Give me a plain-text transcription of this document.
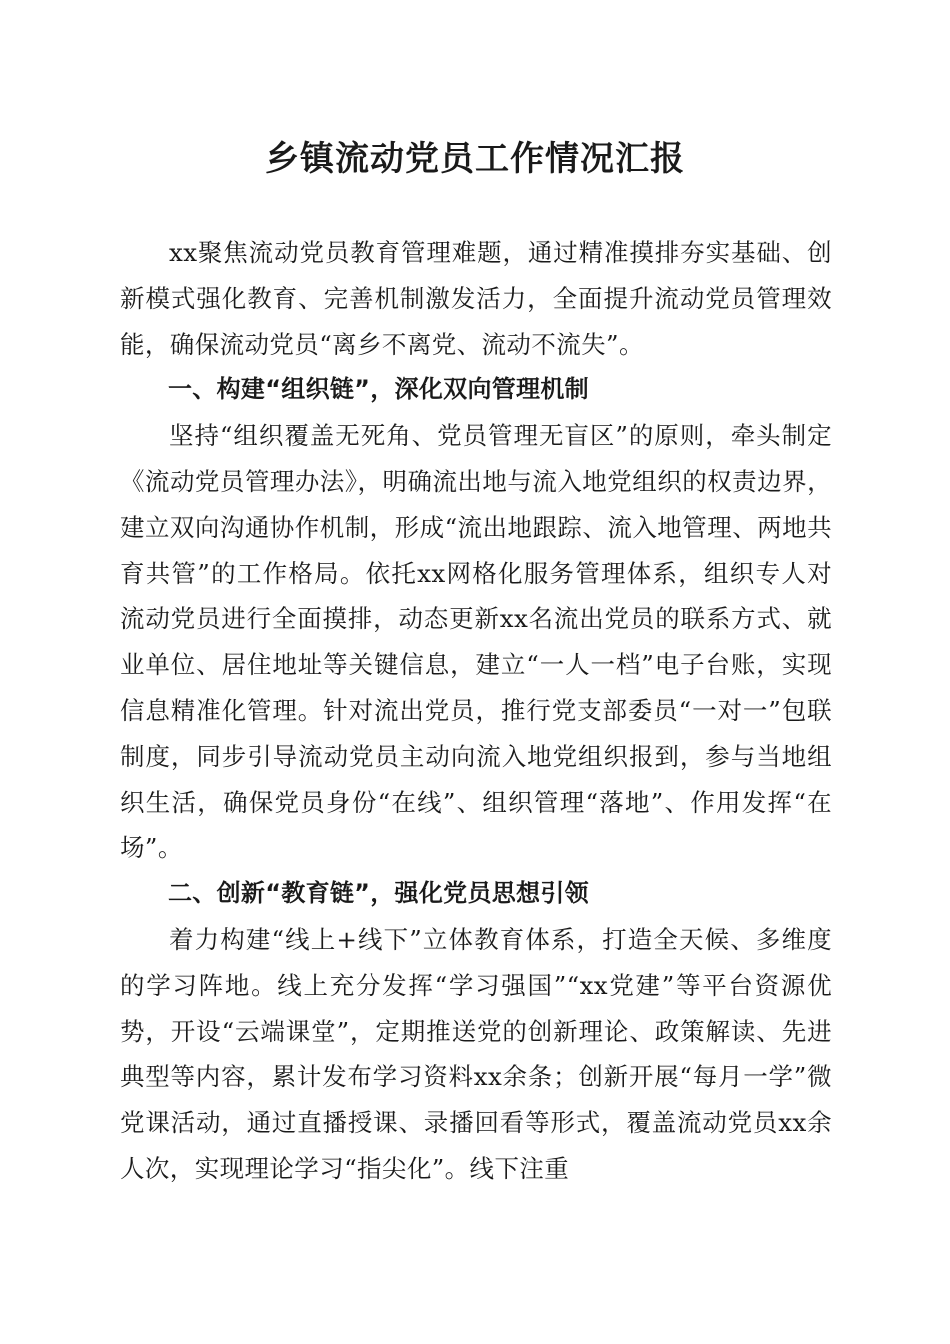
乡镇流动党员工作情况汇报

xx聚焦流动党员教育管理难题，通过精准摸排夯实基础、创新模式强化教育、完善机制激发活力，全面提升流动党员管理效能，确保流动党员“离乡不离党、流动不流失”。

一、构建“组织链”，深化双向管理机制

坚持“组织覆盖无死角、党员管理无盲区”的原则，牵头制定《流动党员管理办法》，明确流出地与流入地党组织的权责边界，建立双向沟通协作机制，形成“流出地跟踪、流入地管理、两地共育共管”的工作格局。依托xx网格化服务管理体系，组织专人对流动党员进行全面摸排，动态更新xx名流出党员的联系方式、就业单位、居住地址等关键信息，建立“一人一档”电子台账，实现信息精准化管理。针对流出党员，推行党支部委员“一对一”包联制度，同步引导流动党员主动向流入地党组织报到，参与当地组织生活，确保党员身份“在线”、组织管理“落地”、作用发挥“在场”。

二、创新“教育链”，强化党员思想引领

着力构建“线上+线下”立体教育体系，打造全天候、多维度的学习阵地。线上充分发挥“学习强国”“xx党建”等平台资源优势，开设“云端课堂”，定期推送党的创新理论、政策解读、先进典型等内容，累计发布学习资料xx余条；创新开展“每月一学”微党课活动，通过直播授课、录播回看等形式，覆盖流动党员xx余人次，实现理论学习“指尖化”。线下注重
